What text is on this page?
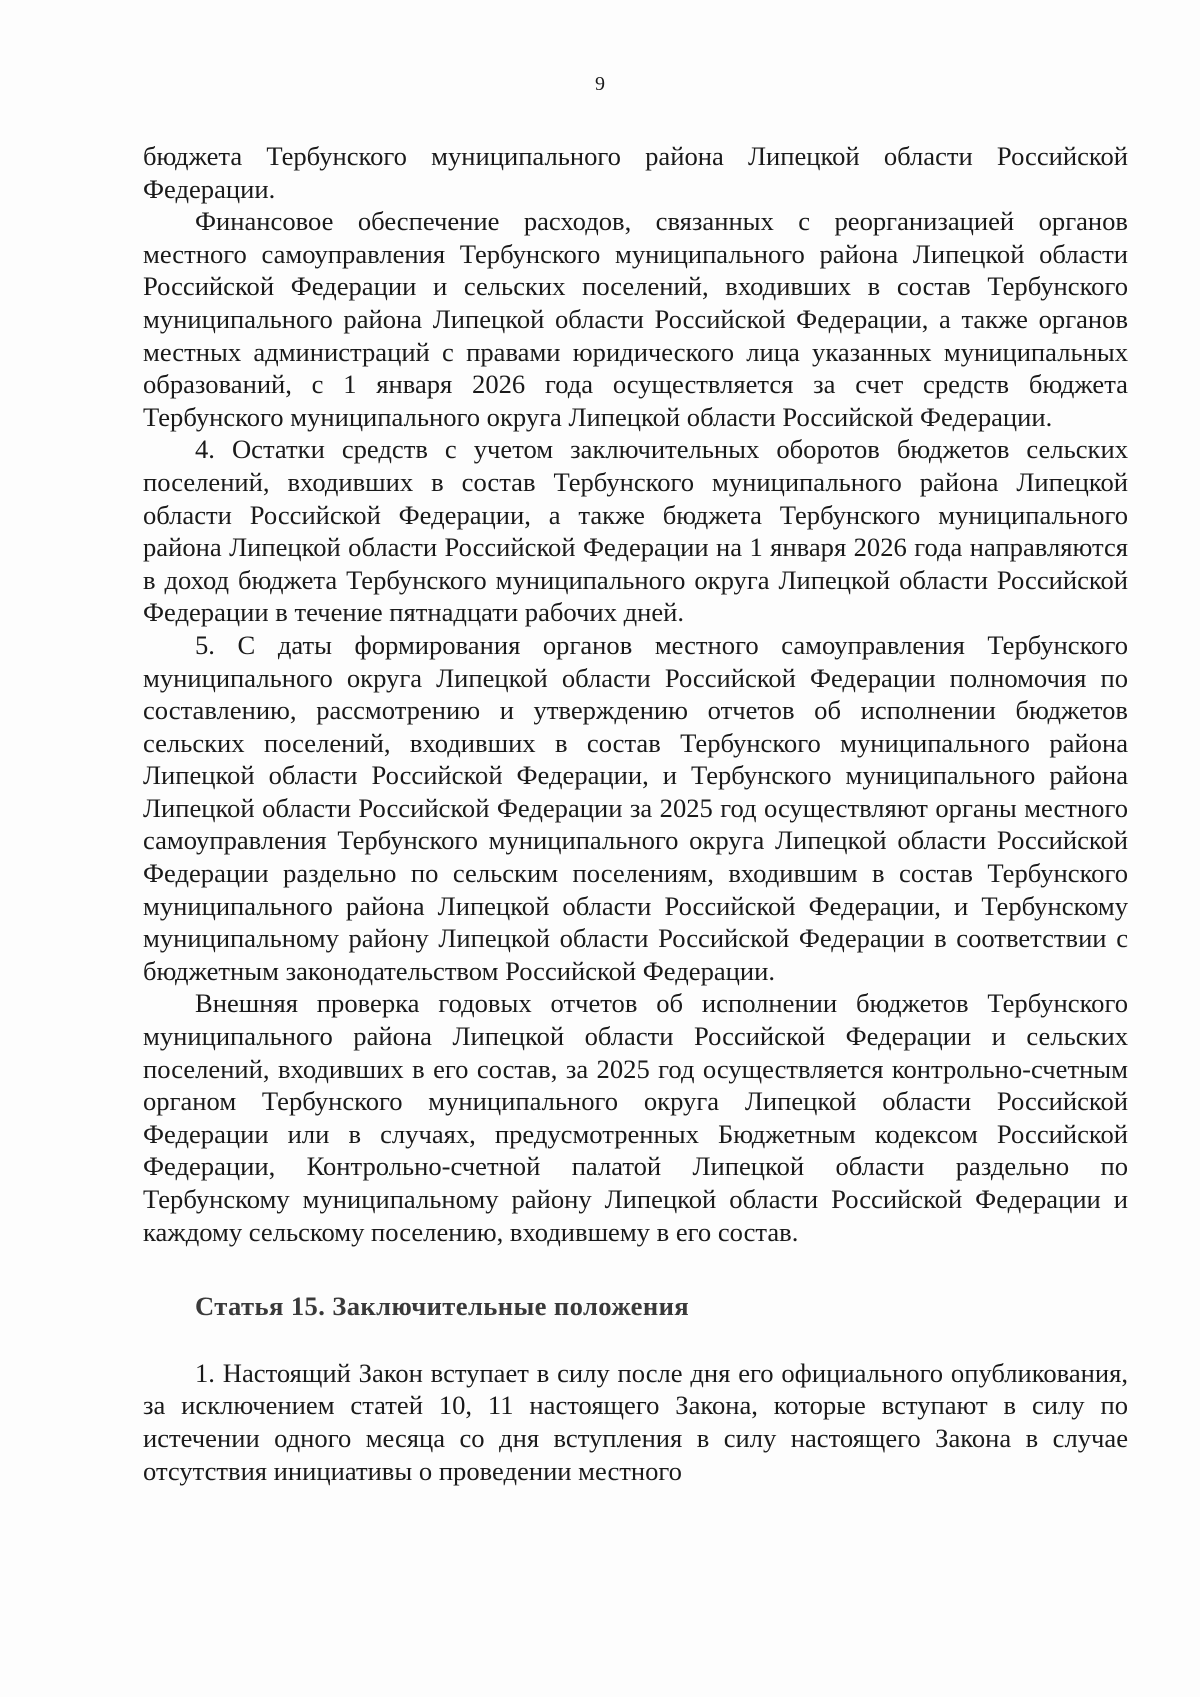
9

бюджета Тербунского муниципального района Липецкой области Российской Федерации.

Финансовое обеспечение расходов, связанных с реорганизацией органов местного самоуправления Тербунского муниципального района Липецкой области Российской Федерации и сельских поселений, входивших в состав Тербунского муниципального района Липецкой области Российской Федерации, а также органов местных администраций с правами юридического лица указанных муниципальных образований, с 1 января 2026 года осуществляется за счет средств бюджета Тербунского муниципального округа Липецкой области Российской Федерации.

4. Остатки средств с учетом заключительных оборотов бюджетов сельских поселений, входивших в состав Тербунского муниципального района Липецкой области Российской Федерации, а также бюджета Тербунского муниципального района Липецкой области Российской Федерации на 1 января 2026 года направляются в доход бюджета Тербунского муниципального округа Липецкой области Российской Федерации в течение пятнадцати рабочих дней.

5. С даты формирования органов местного самоуправления Тербунского муниципального округа Липецкой области Российской Федерации полномочия по составлению, рассмотрению и утверждению отчетов об исполнении бюджетов сельских поселений, входивших в состав Тербунского муниципального района Липецкой области Российской Федерации, и Тербунского муниципального района Липецкой области Российской Федерации за 2025 год осуществляют органы местного самоуправления Тербунского муниципального округа Липецкой области Российской Федерации раздельно по сельским поселениям, входившим в состав Тербунского муниципального района Липецкой области Российской Федерации, и Тербунскому муниципальному району Липецкой области Российской Федерации в соответствии с бюджетным законодательством Российской Федерации.

Внешняя проверка годовых отчетов об исполнении бюджетов Тербунского муниципального района Липецкой области Российской Федерации и сельских поселений, входивших в его состав, за 2025 год осуществляется контрольно-счетным органом Тербунского муниципального округа Липецкой области Российской Федерации или в случаях, предусмотренных Бюджетным кодексом Российской Федерации, Контрольно-счетной палатой Липецкой области раздельно по Тербунскому муниципальному району Липецкой области Российской Федерации и каждому сельскому поселению, входившему в его состав.

Статья 15. Заключительные положения

1. Настоящий Закон вступает в силу после дня его официального опубликования, за исключением статей 10, 11 настоящего Закона, которые вступают в силу по истечении одного месяца со дня вступления в силу настоящего Закона в случае отсутствия инициативы о проведении местного
